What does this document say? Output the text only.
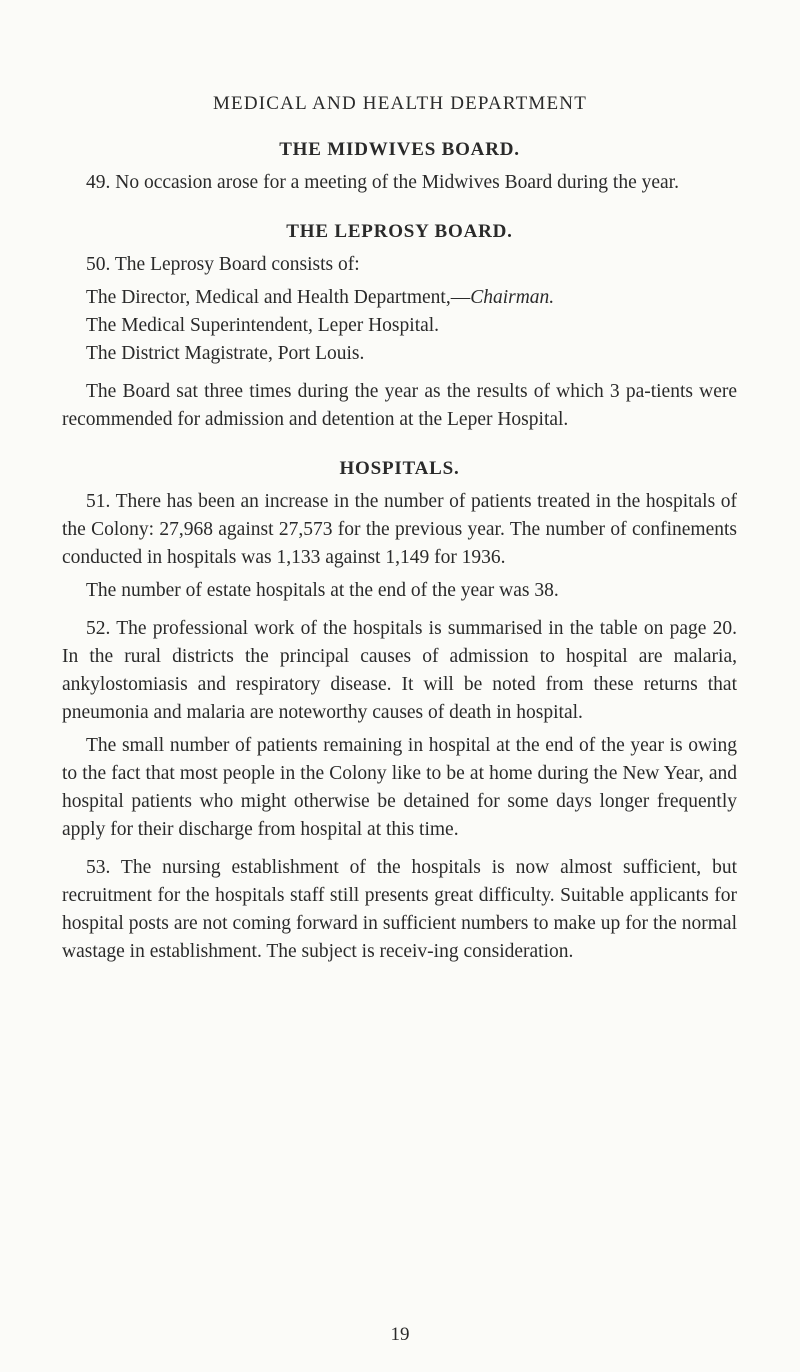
MEDICAL AND HEALTH DEPARTMENT
THE MIDWIVES BOARD.

49. No occasion arose for a meeting of the Midwives Board during the year.

THE LEPROSY BOARD.

50. The Leprosy Board consists of:

The Director, Medical and Health Department,—Chairman.

The Medical Superintendent, Leper Hospital.

The District Magistrate, Port Louis.

The Board sat three times during the year as the results of which 3 pa-tients were recommended for admission and detention at the Leper Hospital.

HOSPITALS.

51. There has been an increase in the number of patients treated in the hospitals of the Colony: 27,968 against 27,573 for the previous year. The number of confinements conducted in hospitals was 1,133 against 1,149 for 1936.

The number of estate hospitals at the end of the year was 38.

52. The professional work of the hospitals is summarised in the table on page 20. In the rural districts the principal causes of admission to hospital are malaria, ankylostomiasis and respiratory disease. It will be noted from these returns that pneumonia and malaria are noteworthy causes of death in hospital.

The small number of patients remaining in hospital at the end of the year is owing to the fact that most people in the Colony like to be at home during the New Year, and hospital patients who might otherwise be detained for some days longer frequently apply for their discharge from hospital at this time.

53. The nursing establishment of the hospitals is now almost sufficient, but recruitment for the hospitals staff still presents great difficulty. Suitable applicants for hospital posts are not coming forward in sufficient numbers to make up for the normal wastage in establishment. The subject is receiv-ing consideration.

19
